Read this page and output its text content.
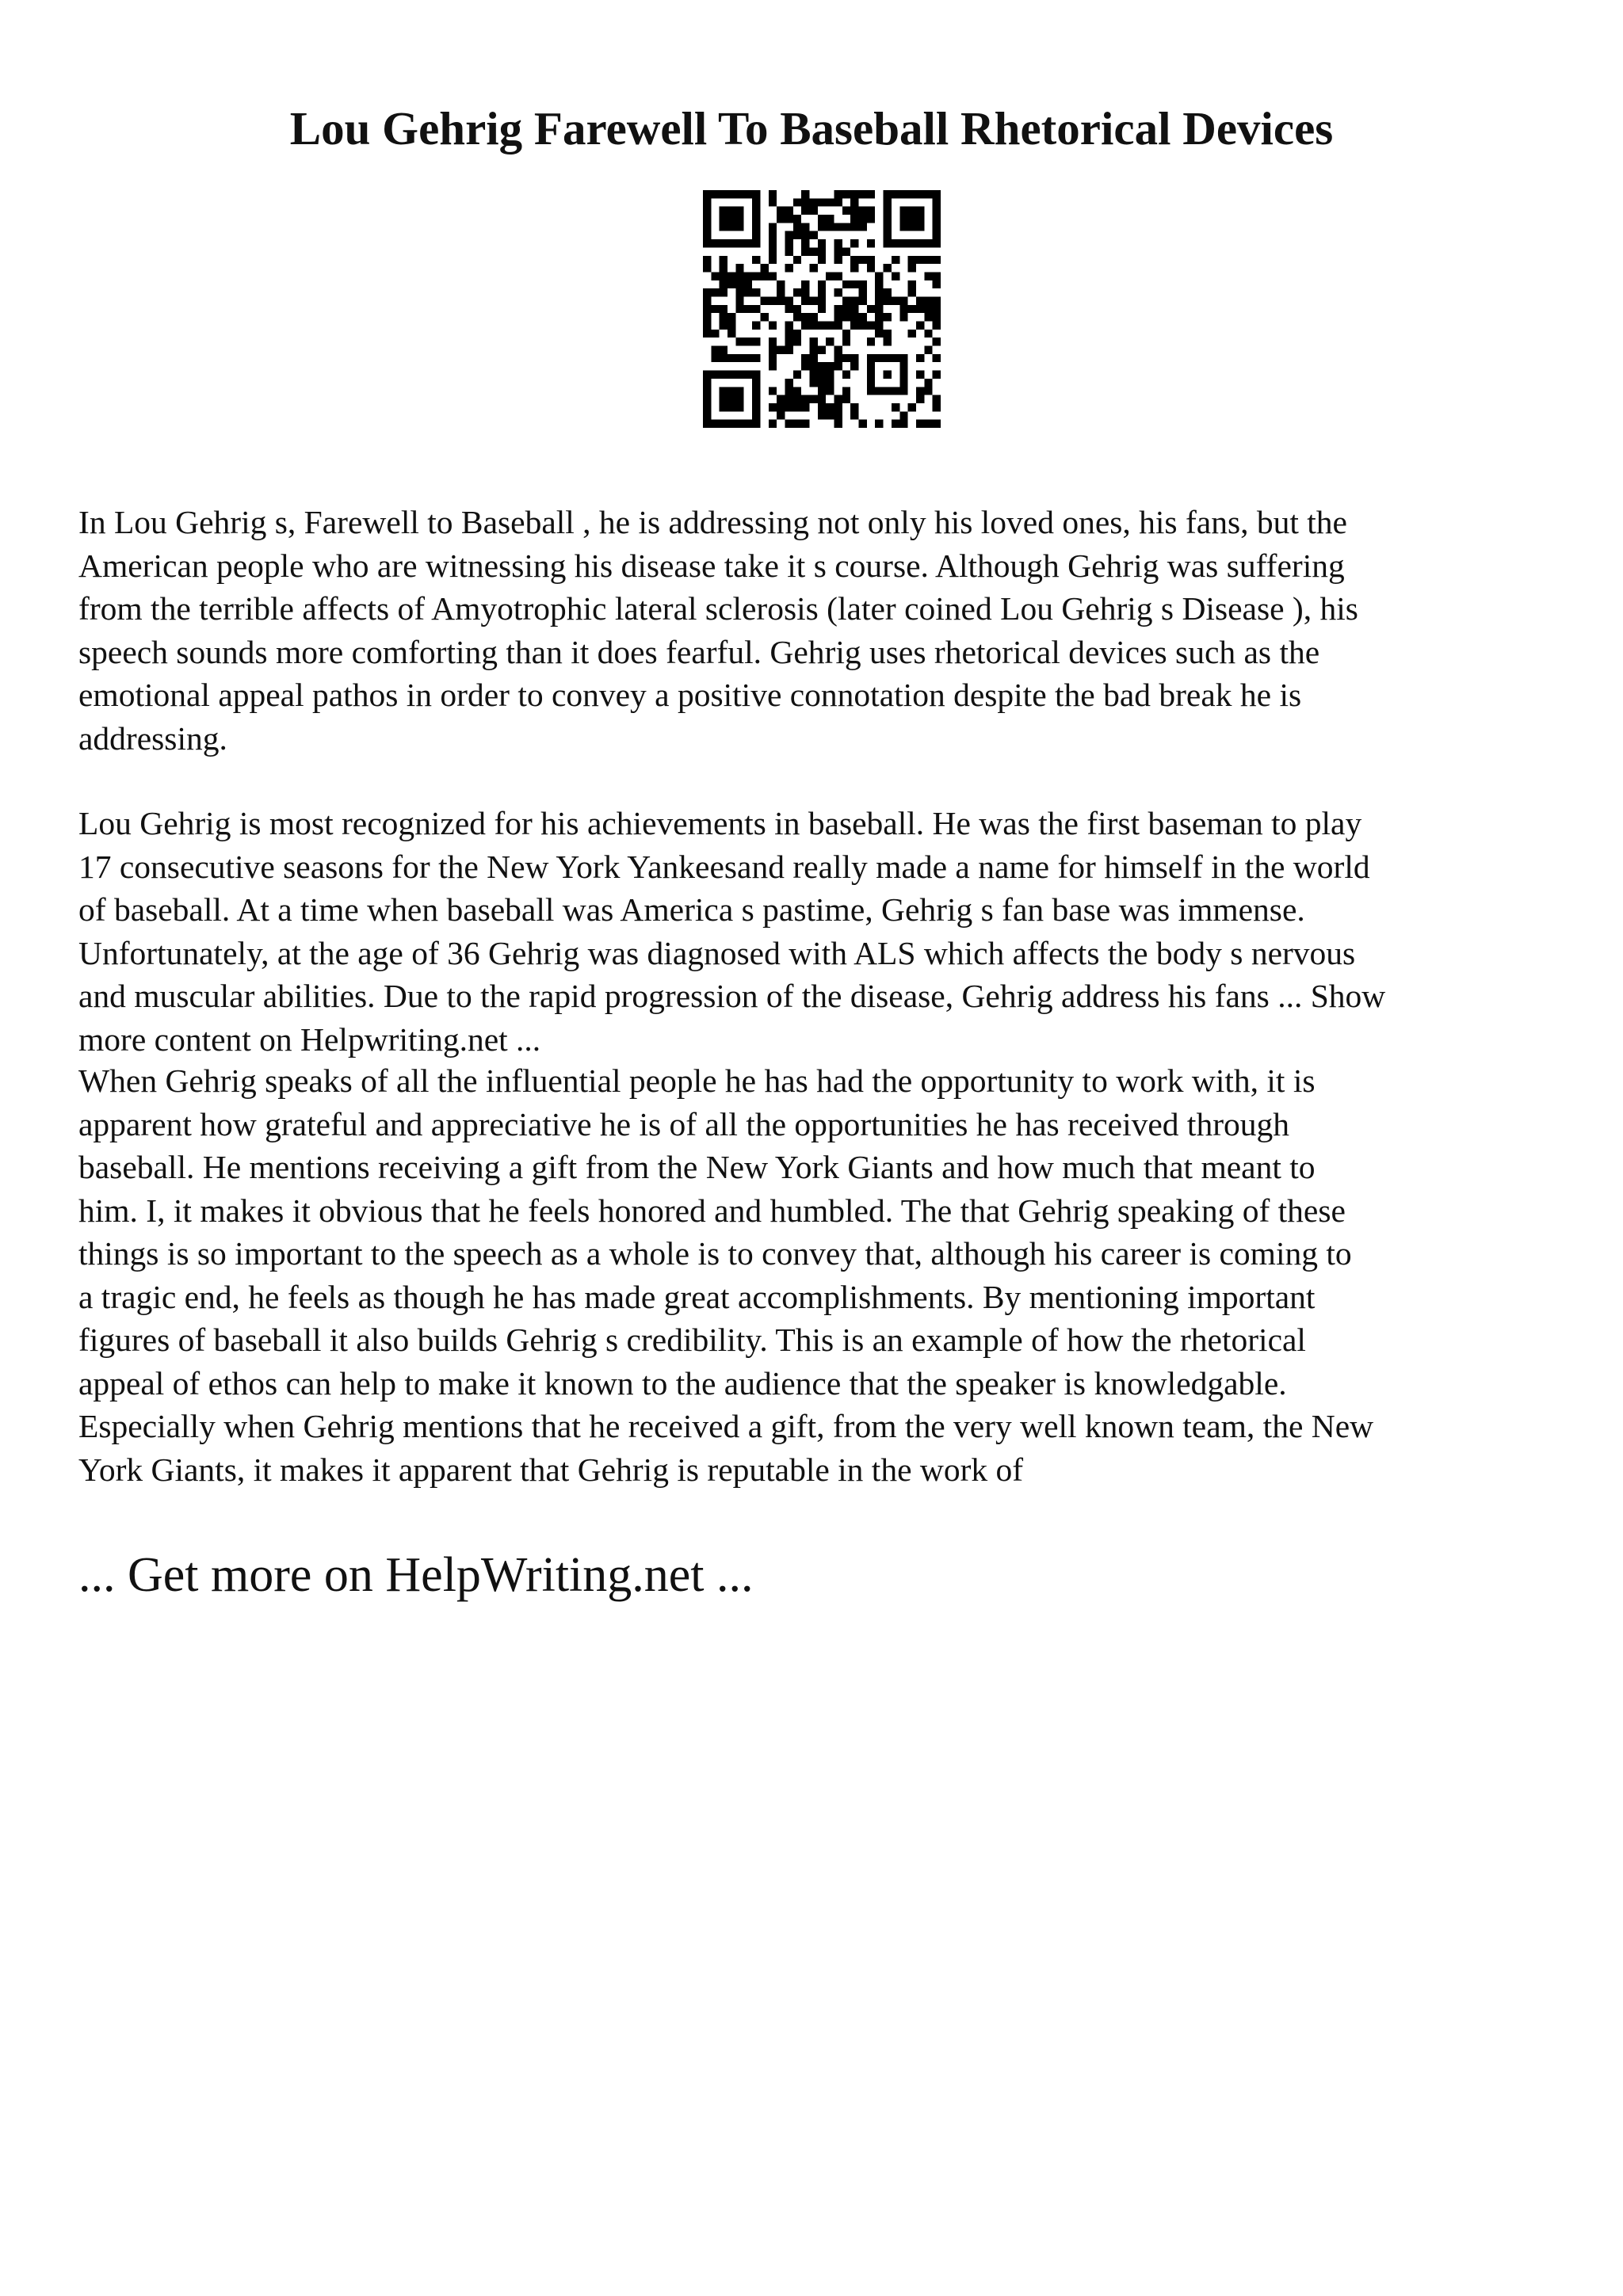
Lou Gehrig Farewell To Baseball Rhetorical Devices

In Lou Gehrig s, Farewell to Baseball , he is addressing not only his loved ones, his fans, but the
American people who are witnessing his disease take it s course. Although Gehrig was suffering
from the terrible affects of Amyotrophic lateral sclerosis (later coined Lou Gehrig s Disease ), his
speech sounds more comforting than it does fearful. Gehrig uses rhetorical devices such as the
emotional appeal pathos in order to convey a positive connotation despite the bad break he is
addressing.

Lou Gehrig is most recognized for his achievements in baseball. He was the first baseman to play
17 consecutive seasons for the New York Yankeesand really made a name for himself in the world
of baseball. At a time when baseball was America s pastime, Gehrig s fan base was immense.
Unfortunately, at the age of 36 Gehrig was diagnosed with ALS which affects the body s nervous
and muscular abilities. Due to the rapid progression of the disease, Gehrig address his fans ... Show
more content on Helpwriting.net ...

When Gehrig speaks of all the influential people he has had the opportunity to work with, it is
apparent how grateful and appreciative he is of all the opportunities he has received through
baseball. He mentions receiving a gift from the New York Giants and how much that meant to
him. I, it makes it obvious that he feels honored and humbled. The that Gehrig speaking of these
things is so important to the speech as a whole is to convey that, although his career is coming to
a tragic end, he feels as though he has made great accomplishments. By mentioning important
figures of baseball it also builds Gehrig s credibility. This is an example of how the rhetorical
appeal of ethos can help to make it known to the audience that the speaker is knowledgable.
Especially when Gehrig mentions that he received a gift, from the very well known team, the New
York Giants, it makes it apparent that Gehrig is reputable in the work of

... Get more on HelpWriting.net ...
